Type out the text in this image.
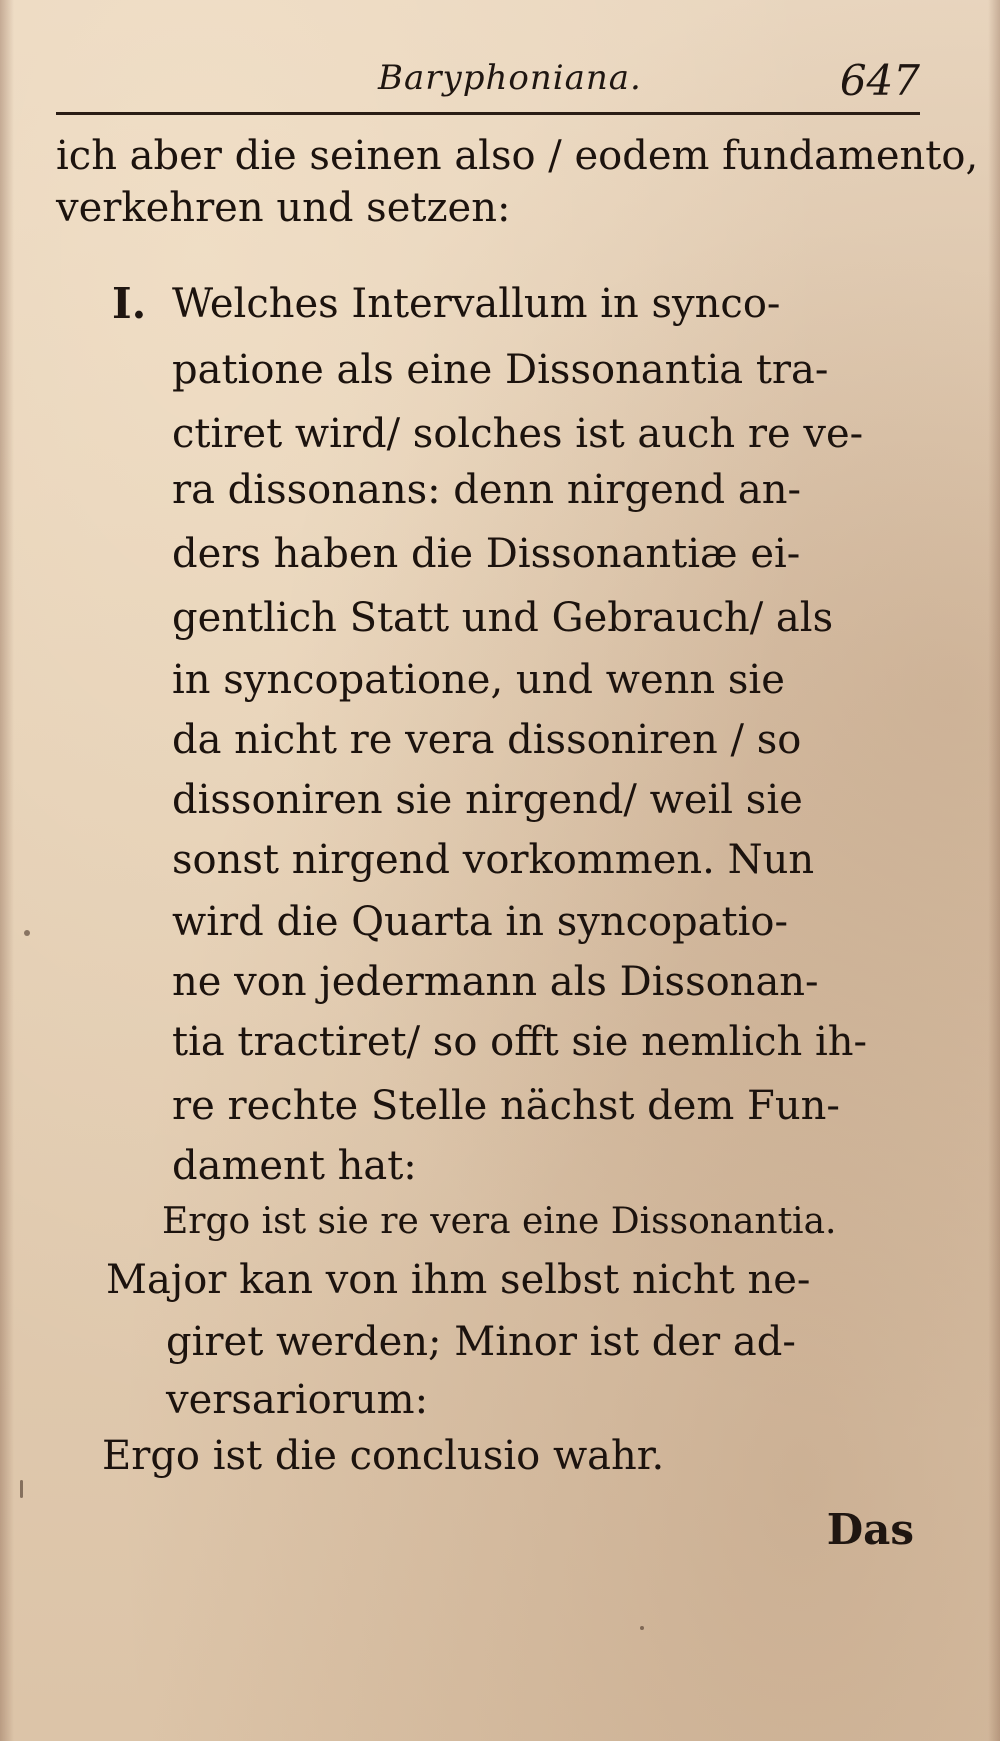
Baryphoniana.	647
ich aber die seinen also / eodem fundamento,
verkehren und setzen:
I. Welches Intervallum in synco-
patione als eine Dissonantia tra-
ctiret wird/ solches ist auch re ve-
ra dissonans: denn nirgend an-
ders haben die Dissonantiæ ei-
gentlich Statt und Gebrauch/ als
in syncopatione, und wenn sie
da nicht re vera dissoniren / so
dissoniren sie nirgend/ weil sie
sonst nirgend vorkommen. Nun
wird die Quarta in syncopatio-
ne von jedermann als Dissonan-
tia tractiret/ so offt sie nemlich ih-
re rechte Stelle nächst dem Fun-
dament hat:
Ergo ist sie re vera eine Dissonantia.
Major kan von ihm selbst nicht ne-
giret werden; Minor ist der ad-
versariorum:
Ergo ist die conclusio wahr.
Das
